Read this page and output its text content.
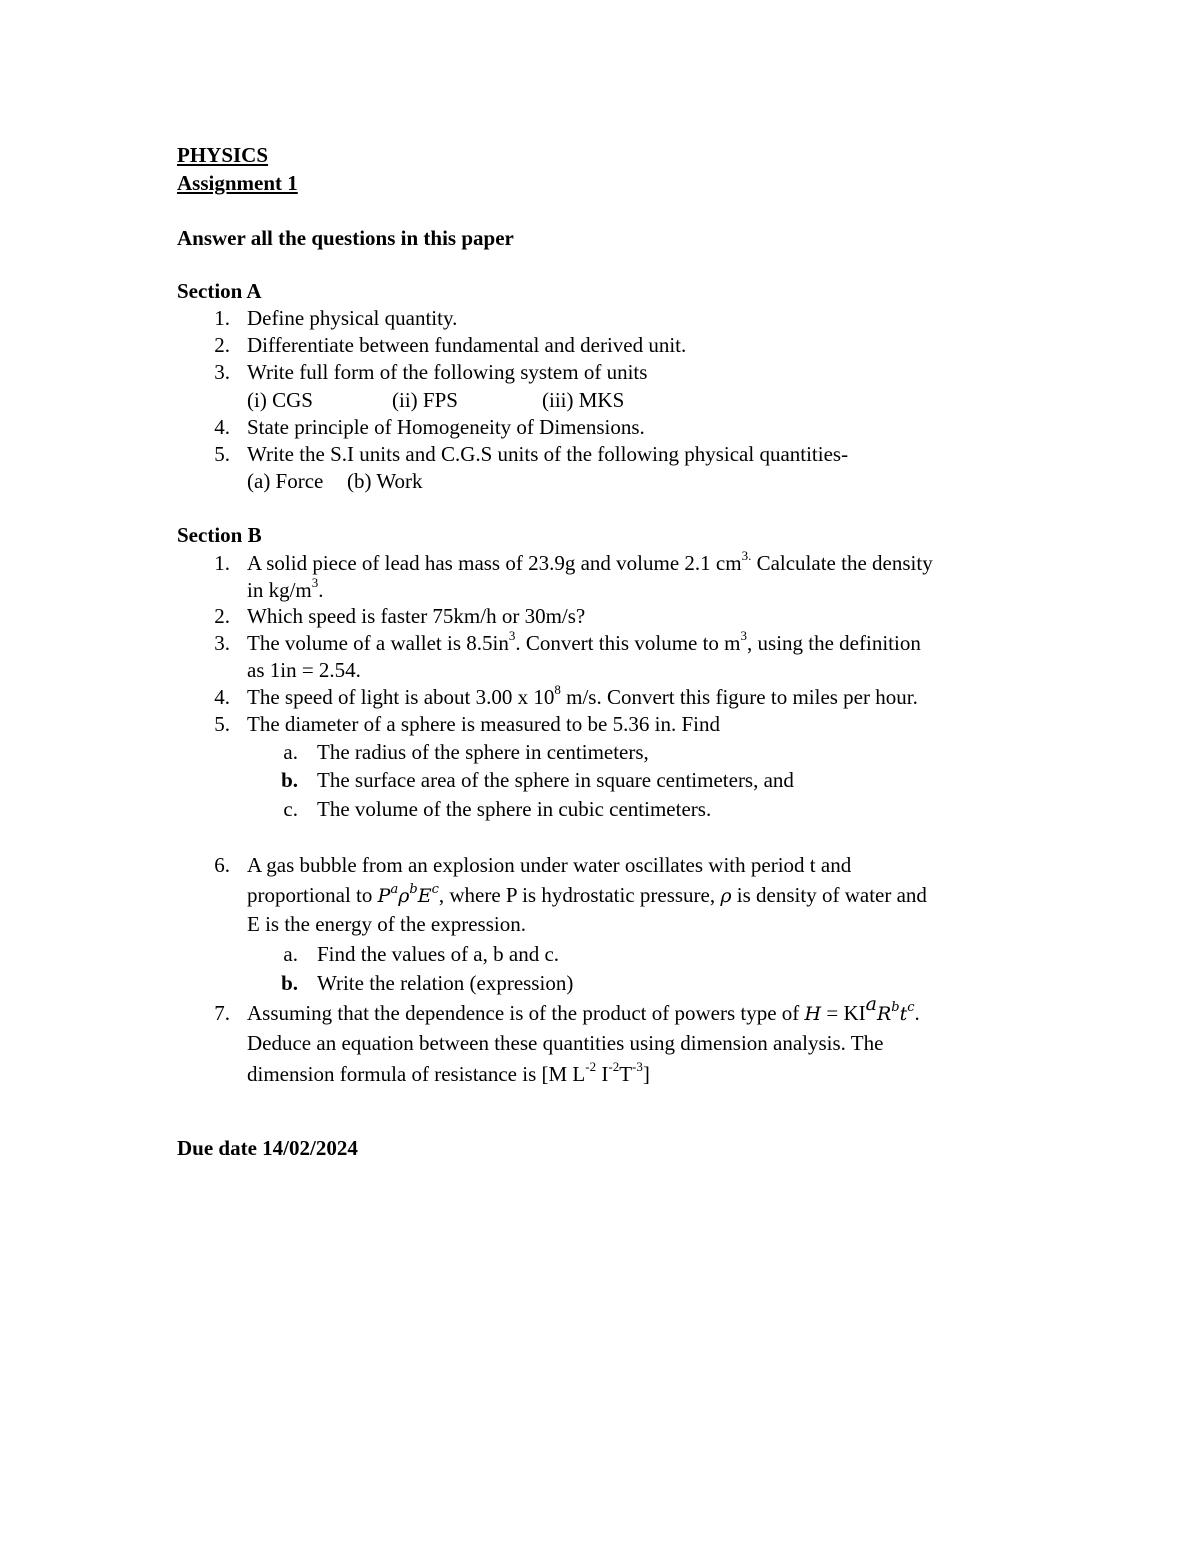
PHYSICS
Assignment 1
Answer all the questions in this paper
Section A
1. Define physical quantity.
2. Differentiate between fundamental and derived unit.
3. Write full form of the following system of units
(i) CGS	(ii) FPS	(iii) MKS
4. State principle of Homogeneity of Dimensions.
5. Write the S.I units and C.G.S units of the following physical quantities-
(a) Force (b) Work
Section B
1. A solid piece of lead has mass of 23.9g and volume 2.1 $cm^{3.}$ Calculate the density
in $kg/m^3$.
2. Which speed is faster 75km/h or 30m/s?
3. The volume of a wallet is $8.5in^3$. Convert this volume to $m^3$, using the definition
as 1in = 2.54.
4. The speed of light is about 3.00 x $10^8$ m/s. Convert this figure to miles per hour.
5. The diameter of a sphere is measured to be 5.36 in. Find
a. The radius of the sphere in centimeters,
b. The surface area of the sphere in square centimeters, and
c. The volume of the sphere in cubic centimeters.
6. A gas bubble from an explosion under water oscillates with period t and
proportional to $P^a\rho^bE^c$, where P is hydrostatic pressure, ρ is density of water and
E is the energy of the expression.
a. Find the values of a, b and c.
b. Write the relation (expression)
7. Assuming that the dependence is of the product of powers type of $H = KI^aR^bt^c$.
Deduce an equation between these quantities using dimension analysis. The
dimension formula of resistance is [M $L^{-2}$ $I^{-2}T^{-3}$]
Due date 14/02/2024
